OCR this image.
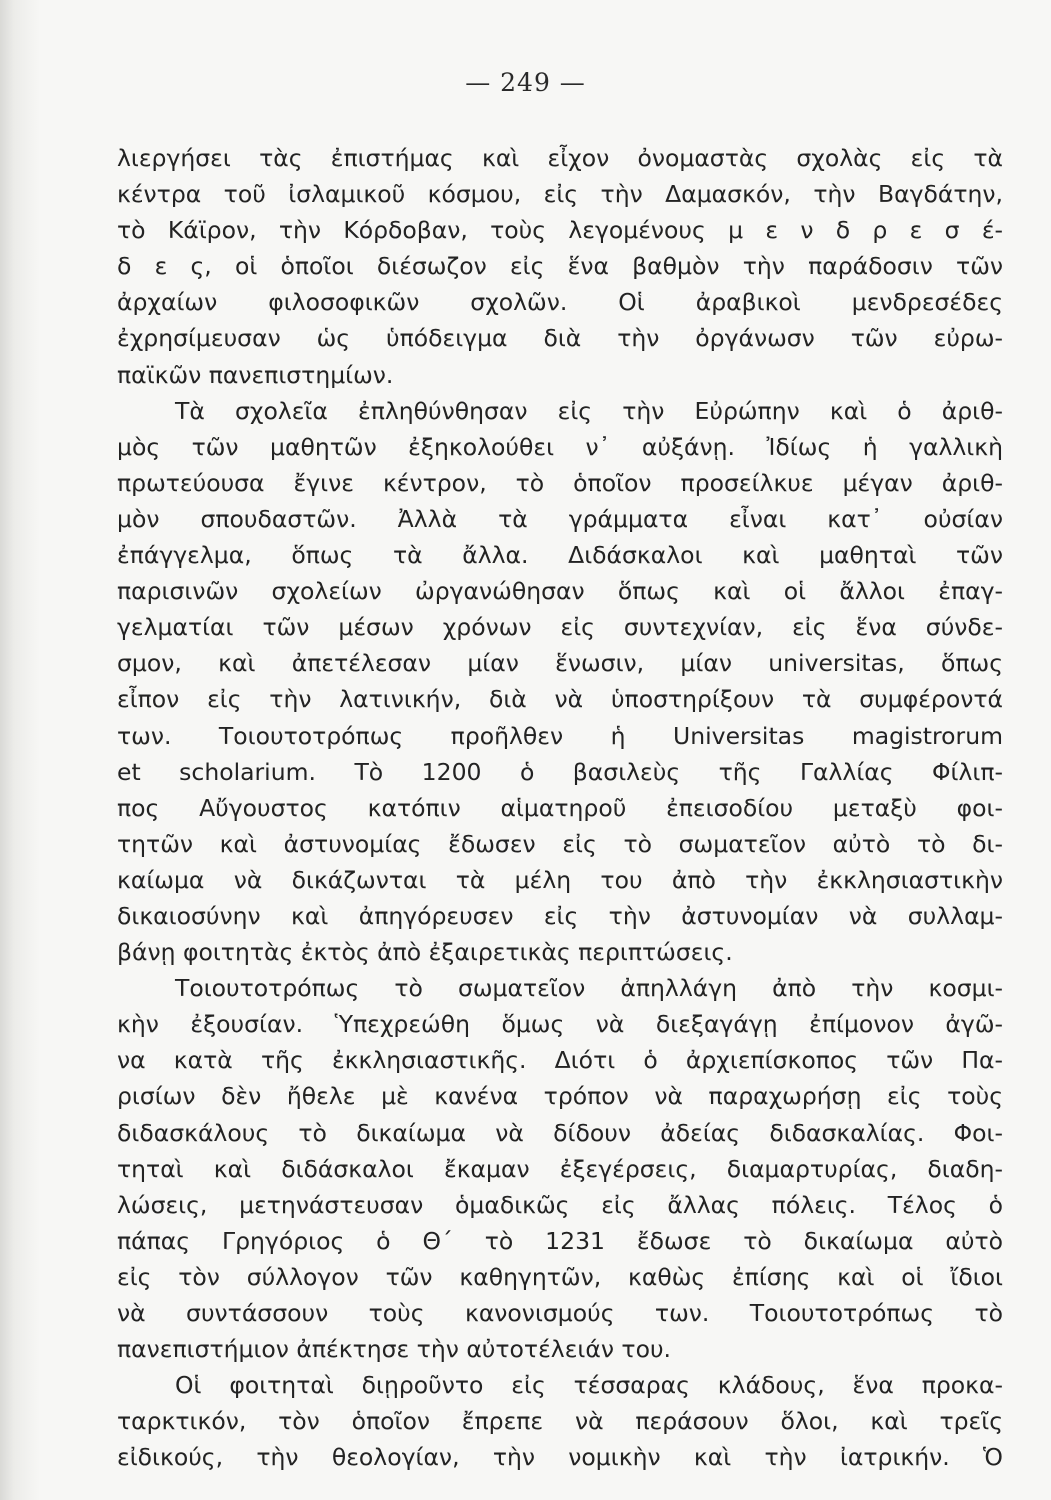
— 249 —
λιεργήσει τὰς ἐπιστήμας καὶ εἶχον ὀνομαστὰς σχολὰς εἰς τὰ
κέντρα τοῦ ἰσλαμικοῦ κόσμου, εἰς τὴν Δαμασκόν, τὴν Βαγδάτην,
τὸ Κάϊρον, τὴν Κόρδοβαν, τοὺς λεγομένους μ ε ν δ ρ ε σ έ-
δ ε ς, οἱ ὁποῖοι διέσωζον εἰς ἕνα βαθμὸν τὴν παράδοσιν τῶν
ἀρχαίων φιλοσοφικῶν σχολῶν. Οἱ ἀραβικοὶ μενδρεσέδες
ἐχρησίμευσαν ὡς ὑπόδειγμα διὰ τὴν ὀργάνωσν τῶν εὐρω-
παϊκῶν πανεπιστημίων.
Τὰ σχολεῖα ἐπληθύνθησαν εἰς τὴν Εὐρώπην καὶ ὁ ἀριθ-
μὸς τῶν μαθητῶν ἐξηκολούθει ν᾽ αὐξάνῃ. Ἰδίως ἡ γαλλικὴ
πρωτεύουσα ἔγινε κέντρον, τὸ ὁποῖον προσείλκυε μέγαν ἀριθ-
μὸν σπουδαστῶν. Ἀλλὰ τὰ γράμματα εἶναι κατ᾽ οὐσίαν
ἐπάγγελμα, ὅπως τὰ ἄλλα. Διδάσκαλοι καὶ μαθηταὶ τῶν
παρισινῶν σχολείων ὠργανώθησαν ὅπως καὶ οἱ ἄλλοι ἐπαγ-
γελματίαι τῶν μέσων χρόνων εἰς συντεχνίαν, εἰς ἕνα σύνδε-
σμον, καὶ ἀπετέλεσαν μίαν ἕνωσιν, μίαν universitas, ὅπως
εἶπον εἰς τὴν λατινικήν, διὰ νὰ ὑποστηρίξουν τὰ συμφέροντά
των. Τοιουτοτρόπως προῆλθεν ἡ Universitas magistrorum
et scholarium. Τὸ 1200 ὁ βασιλεὺς τῆς Γαλλίας Φίλιπ-
πος Αὔγουστος κατόπιν αἱματηροῦ ἐπεισοδίου μεταξὺ φοι-
τητῶν καὶ ἀστυνομίας ἔδωσεν εἰς τὸ σωματεῖον αὐτὸ τὸ δι-
καίωμα νὰ δικάζωνται τὰ μέλη του ἀπὸ τὴν ἐκκλησιαστικὴν
δικαιοσύνην καὶ ἀπηγόρευσεν εἰς τὴν ἀστυνομίαν νὰ συλλαμ-
βάνῃ φοιτητὰς ἐκτὸς ἀπὸ ἐξαιρετικὰς περιπτώσεις.
Τοιουτοτρόπως τὸ σωματεῖον ἀπηλλάγη ἀπὸ τὴν κοσμι-
κὴν ἐξουσίαν. Ὑπεχρεώθη ὅμως νὰ διεξαγάγῃ ἐπίμονον ἀγῶ-
να κατὰ τῆς ἐκκλησιαστικῆς. Διότι ὁ ἀρχιεπίσκοπος τῶν Πα-
ρισίων δὲν ἤθελε μὲ κανένα τρόπον νὰ παραχωρήσῃ εἰς τοὺς
διδασκάλους τὸ δικαίωμα νὰ δίδουν ἀδείας διδασκαλίας. Φοι-
τηταὶ καὶ διδάσκαλοι ἔκαμαν ἐξεγέρσεις, διαμαρτυρίας, διαδη-
λώσεις, μετηνάστευσαν ὁμαδικῶς εἰς ἄλλας πόλεις. Τέλος ὁ
πάπας Γρηγόριος ὁ Θ´ τὸ 1231 ἔδωσε τὸ δικαίωμα αὐτὸ
εἰς τὸν σύλλογον τῶν καθηγητῶν, καθὼς ἐπίσης καὶ οἱ ἴδιοι
νὰ συντάσσουν τοὺς κανονισμούς των. Τοιουτοτρόπως τὸ
πανεπιστήμιον ἀπέκτησε τὴν αὐτοτέλειάν του.
Οἱ φοιτηταὶ διῃροῦντο εἰς τέσσαρας κλάδους, ἕνα προκα-
ταρκτικόν, τὸν ὁποῖον ἔπρεπε νὰ περάσουν ὅλοι, καὶ τρεῖς
εἰδικούς, τὴν θεολογίαν, τὴν νομικὴν καὶ τὴν ἰατρικήν. Ὁ
